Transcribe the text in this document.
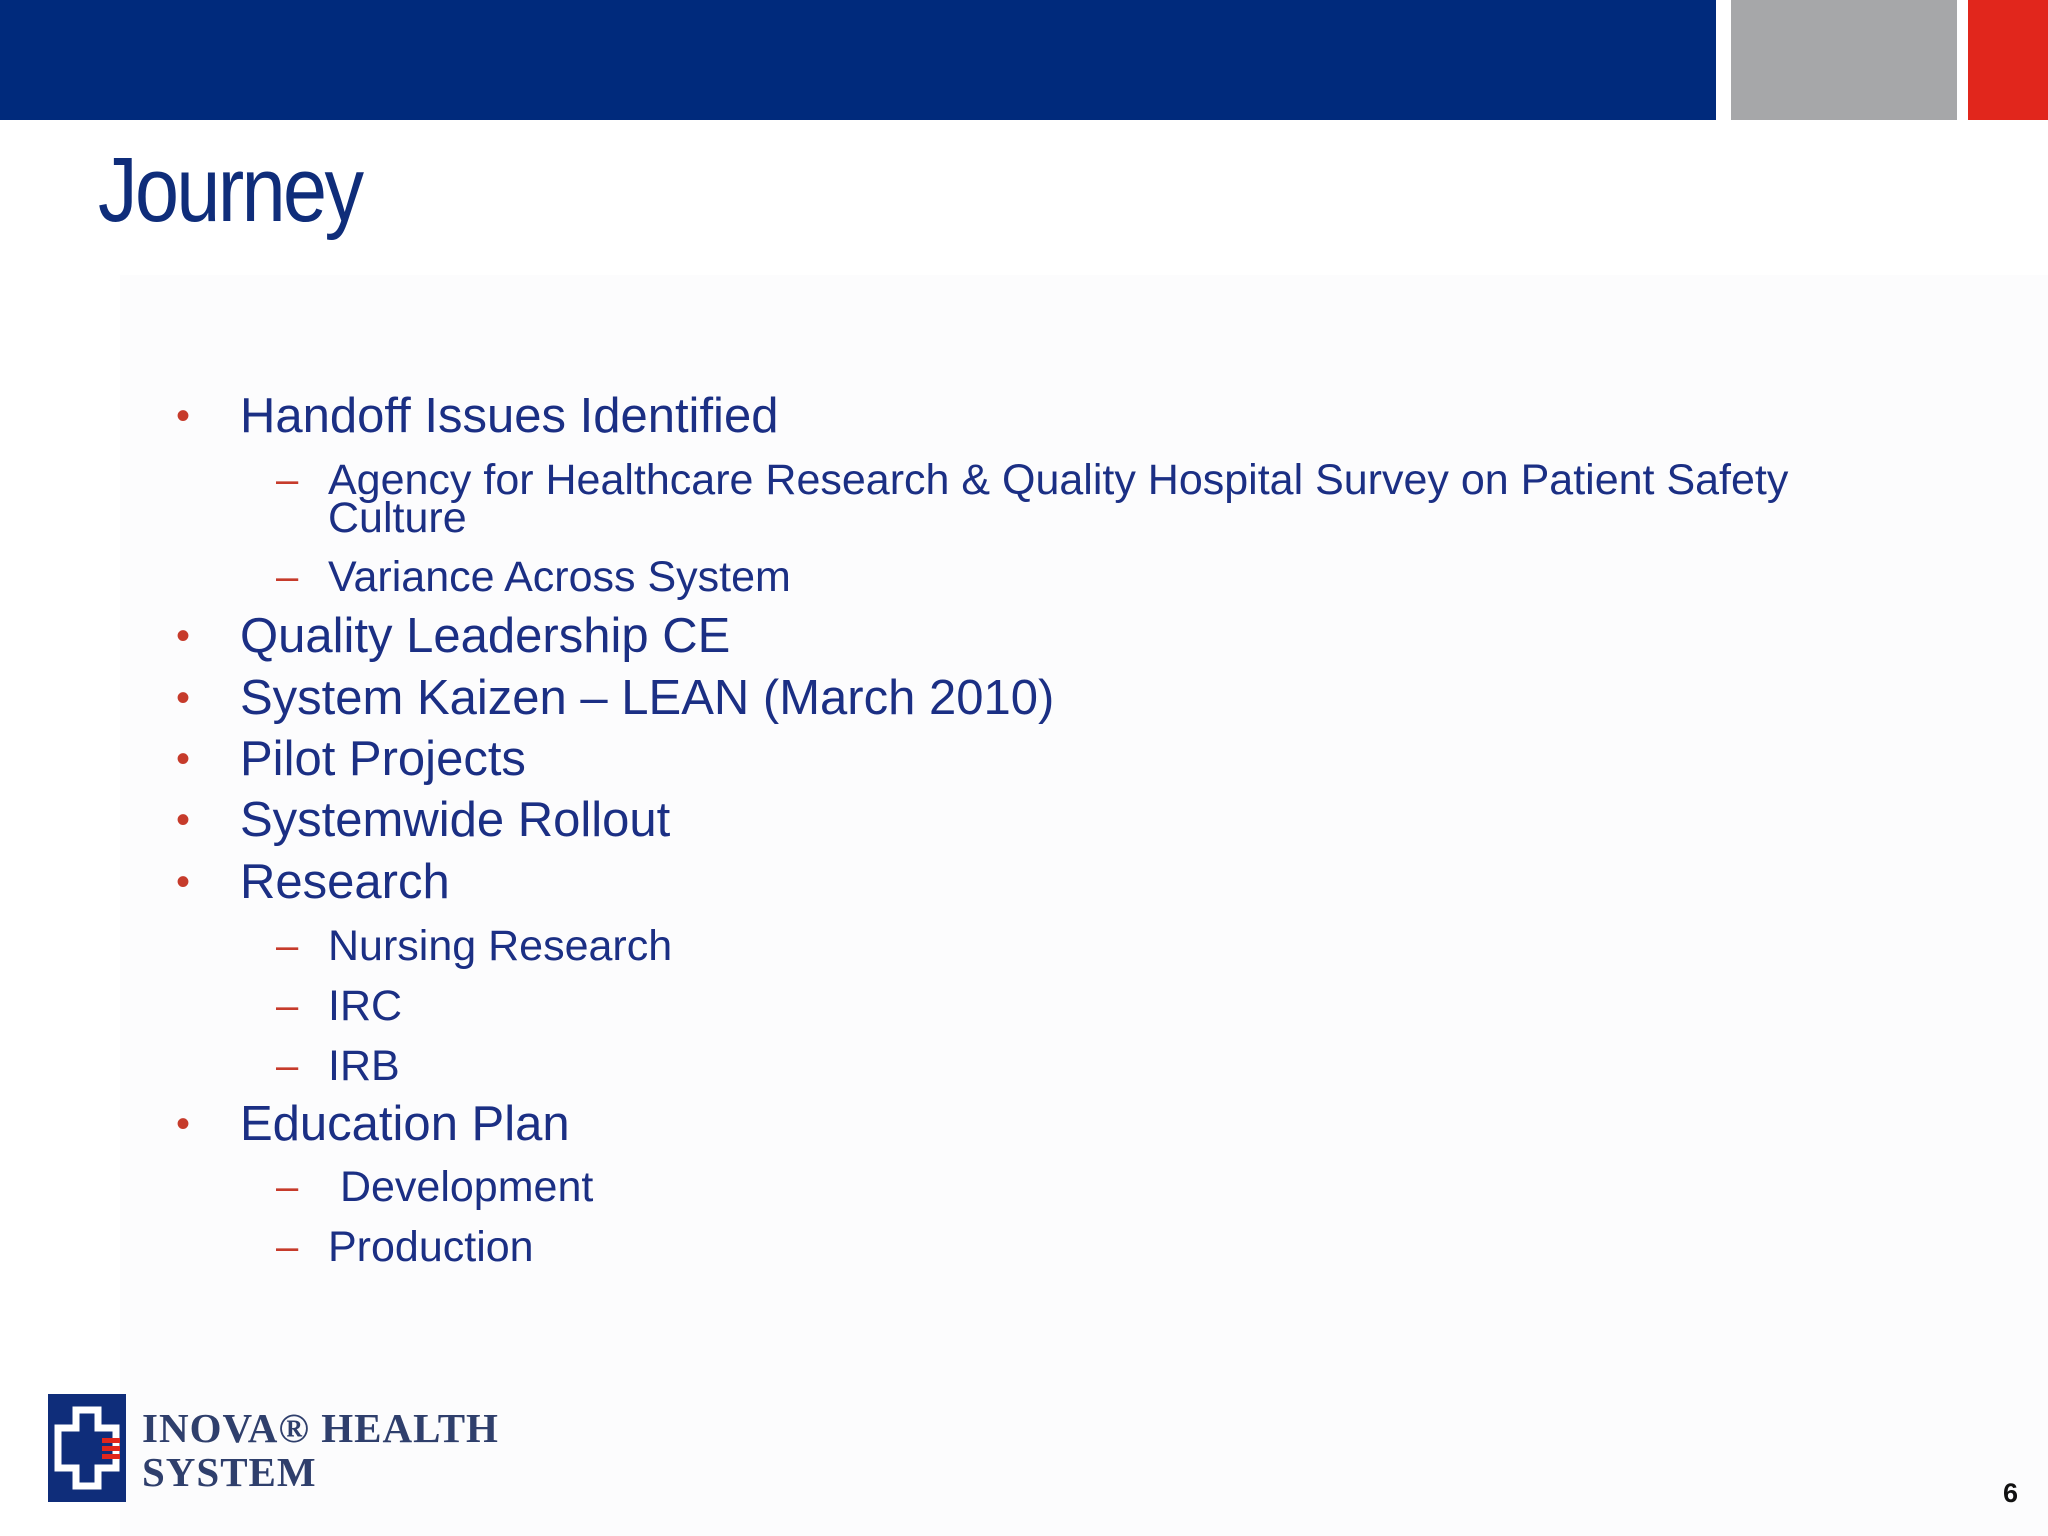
Journey
• Handoff Issues Identified
– Agency for Healthcare Research & Quality Hospital Survey on Patient Safety
Culture
– Variance Across System
• Quality Leadership CE
• System Kaizen – LEAN (March 2010)
• Pilot Projects
• Systemwide Rollout
• Research
– Nursing Research
– IRC
– IRB
• Education Plan
– Development
– Production
INOVA® HEALTH
SYSTEM	6
